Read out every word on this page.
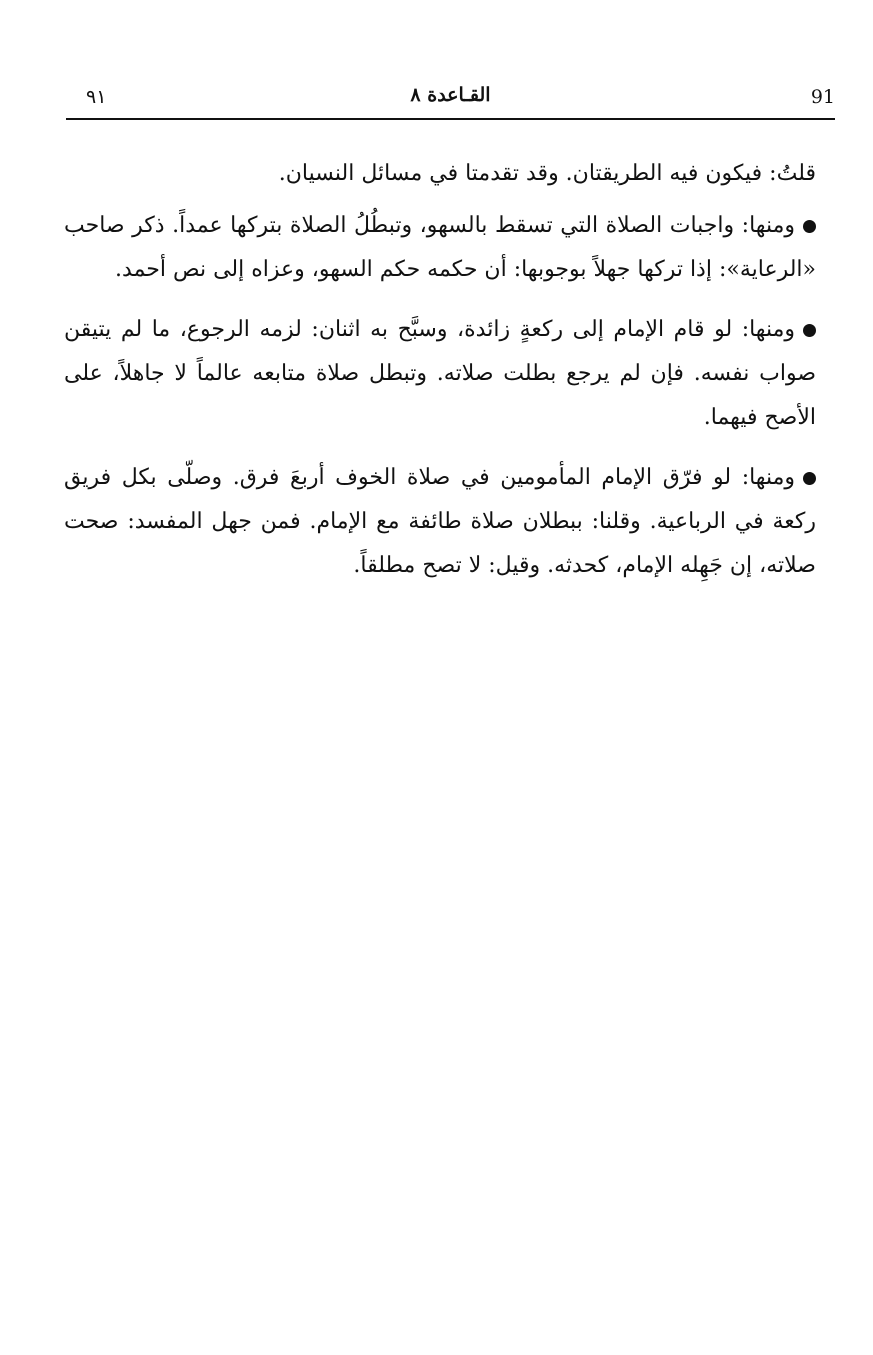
91
القـاعدة ٨
٩١

قلتُ: فيكون فيه الطريقتان. وقد تقدمتا في مسائل النسيان.

ومنها: واجبات الصلاة التي تسقط بالسهو، وتبطُلُ الصلاة بتركها عمداً. ذكر صاحب «الرعاية»: إذا تركها جهلاً بوجوبها: أن حكمه حكم السهو، وعزاه إلى نص أحمد.

ومنها: لو قام الإمام إلى ركعةٍ زائدة، وسبَّح به اثنان: لزمه الرجوع، ما لم يتيقن صواب نفسه. فإن لم يرجع بطلت صلاته. وتبطل صلاة متابعه عالماً لا جاهلاً، على الأصح فيهما.

ومنها: لو فرّق الإمام المأمومين في صلاة الخوف أربعَ فرق. وصلّى بكل فريق ركعة في الرباعية. وقلنا: ببطلان صلاة طائفة مع الإمام. فمن جهل المفسد: صحت صلاته، إن جَهِله الإمام، كحدثه. وقيل: لا تصح مطلقاً.
